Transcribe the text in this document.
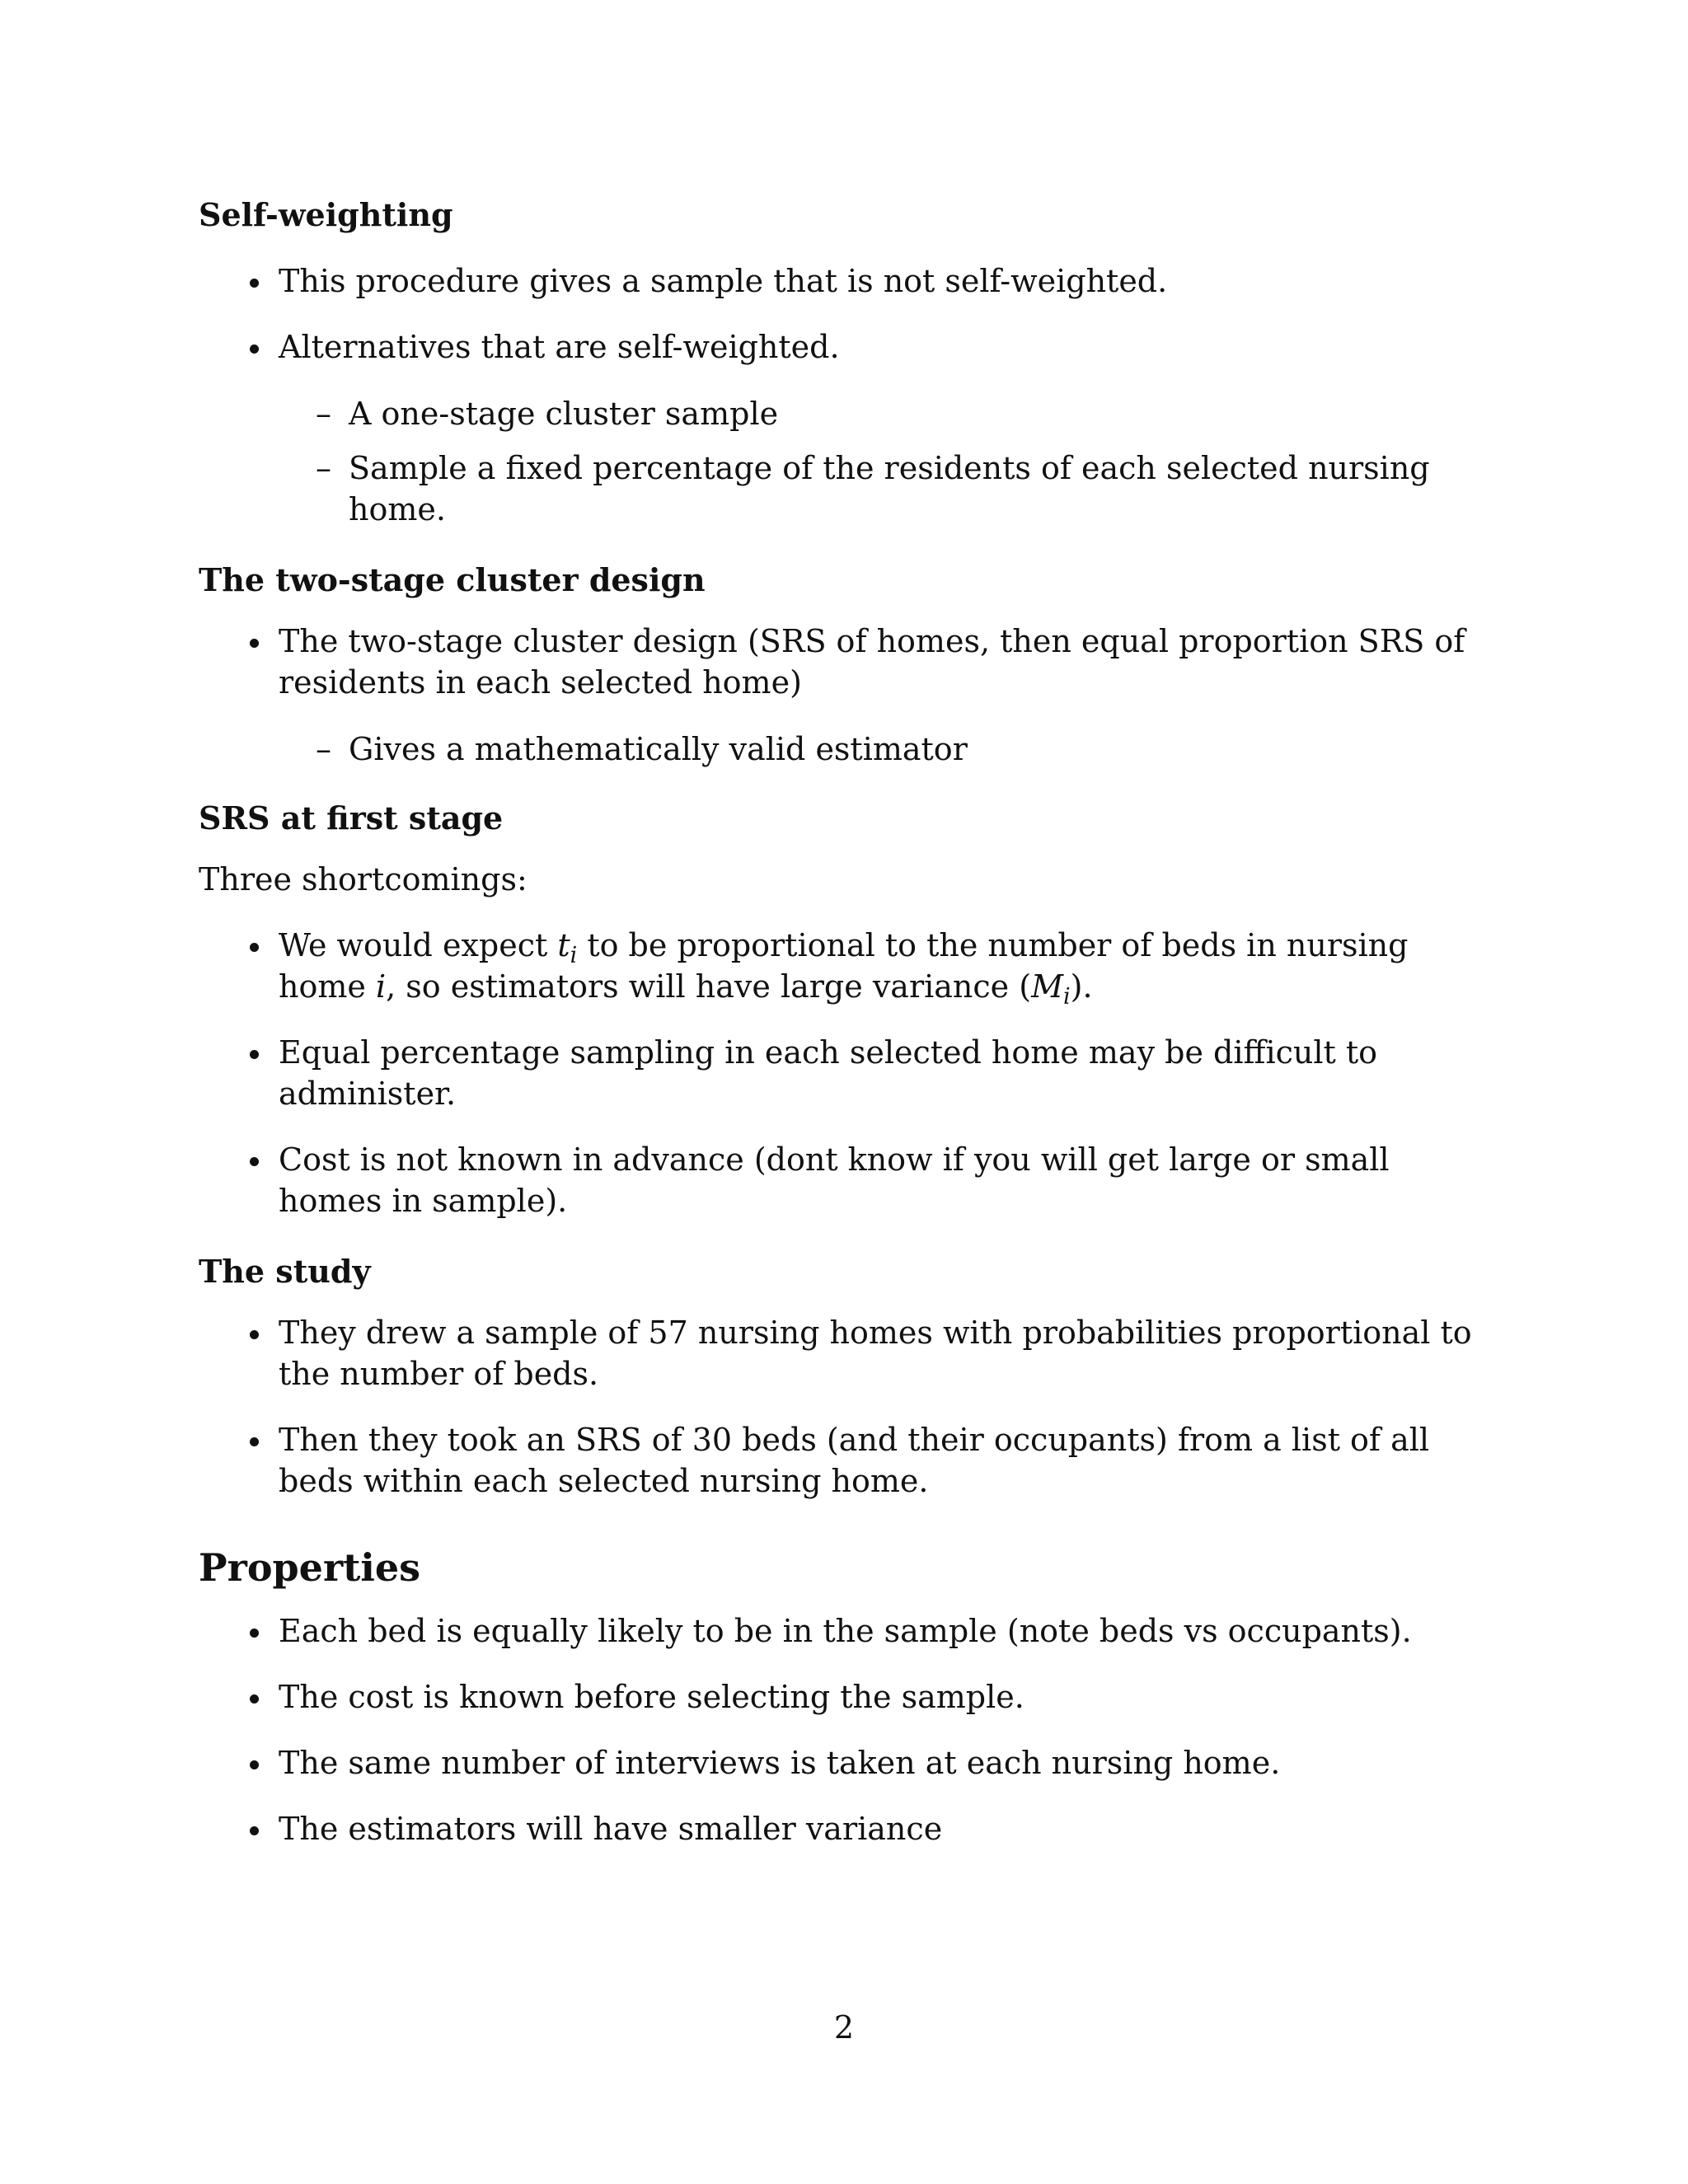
Self-weighting
This procedure gives a sample that is not self-weighted.
Alternatives that are self-weighted.
– A one-stage cluster sample
– Sample a fixed percentage of the residents of each selected nursing home.
The two-stage cluster design
The two-stage cluster design (SRS of homes, then equal proportion SRS of residents in each selected home)
– Gives a mathematically valid estimator
SRS at first stage

Three shortcomings:

We would expect $t_i$ to be proportional to the number of beds in nursing home i, so estimators will have large variance $(M_i)$.
Equal percentage sampling in each selected home may be difficult to administer.
Cost is not known in advance (dont know if you will get large or small homes in sample).
The study
They drew a sample of 57 nursing homes with probabilities proportional to the number of beds.
Then they took an SRS of 30 beds (and their occupants) from a list of all beds within each selected nursing home.
Properties
Each bed is equally likely to be in the sample (note beds vs occupants).
The cost is known before selecting the sample.
The same number of interviews is taken at each nursing home.
The estimators will have smaller variance
2
